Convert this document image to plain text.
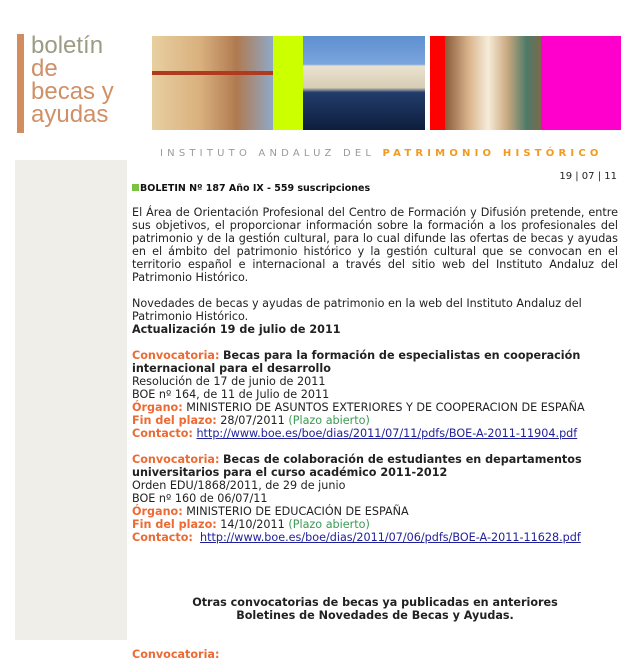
boletín
de
becas y
ayudas
INSTITUTO ANDALUZ DEL PATRIMONIO HISTÓRICO
19 | 07 | 11
BOLETIN Nº 187 Año IX - 559 suscripciones

El Área de Orientación Profesional del Centro de Formación y Difusión pretende, entre sus objetivos, el proporcionar información sobre la formación a los profesionales del patrimonio y de la gestión cultural, para lo cual difunde las ofertas de becas y ayudas en el ámbito del patrimonio histórico y la gestión cultural que se convocan en el territorio español e internacional a través del sitio web del Instituto Andaluz del Patrimonio Histórico.

Novedades de becas y ayudas de patrimonio en la web del Instituto Andaluz del Patrimonio Histórico.
Actualización 19 de julio de 2011

Convocatoria: Becas para la formación de especialistas en cooperación internacional para el desarrollo
Resolución de 17 de junio de 2011
BOE nº 164, de 11 de Julio de 2011
Órgano: MINISTERIO DE ASUNTOS EXTERIORES Y DE COOPERACION DE ESPAÑA
Fin del plazo: 28/07/2011 (Plazo abierto)
Contacto: http://www.boe.es/boe/dias/2011/07/11/pdfs/BOE-A-2011-11904.pdf

Convocatoria: Becas de colaboración de estudiantes en departamentos universitarios para el curso académico 2011-2012
Orden EDU/1868/2011, de 29 de junio
BOE nº 160 de 06/07/11
Órgano: MINISTERIO DE EDUCACIÓN DE ESPAÑA
Fin del plazo: 14/10/2011 (Plazo abierto)
Contacto: http://www.boe.es/boe/dias/2011/07/06/pdfs/BOE-A-2011-11628.pdf

Otras convocatorias de becas ya publicadas en anteriores
Boletines de Novedades de Becas y Ayudas.

Convocatoria:
